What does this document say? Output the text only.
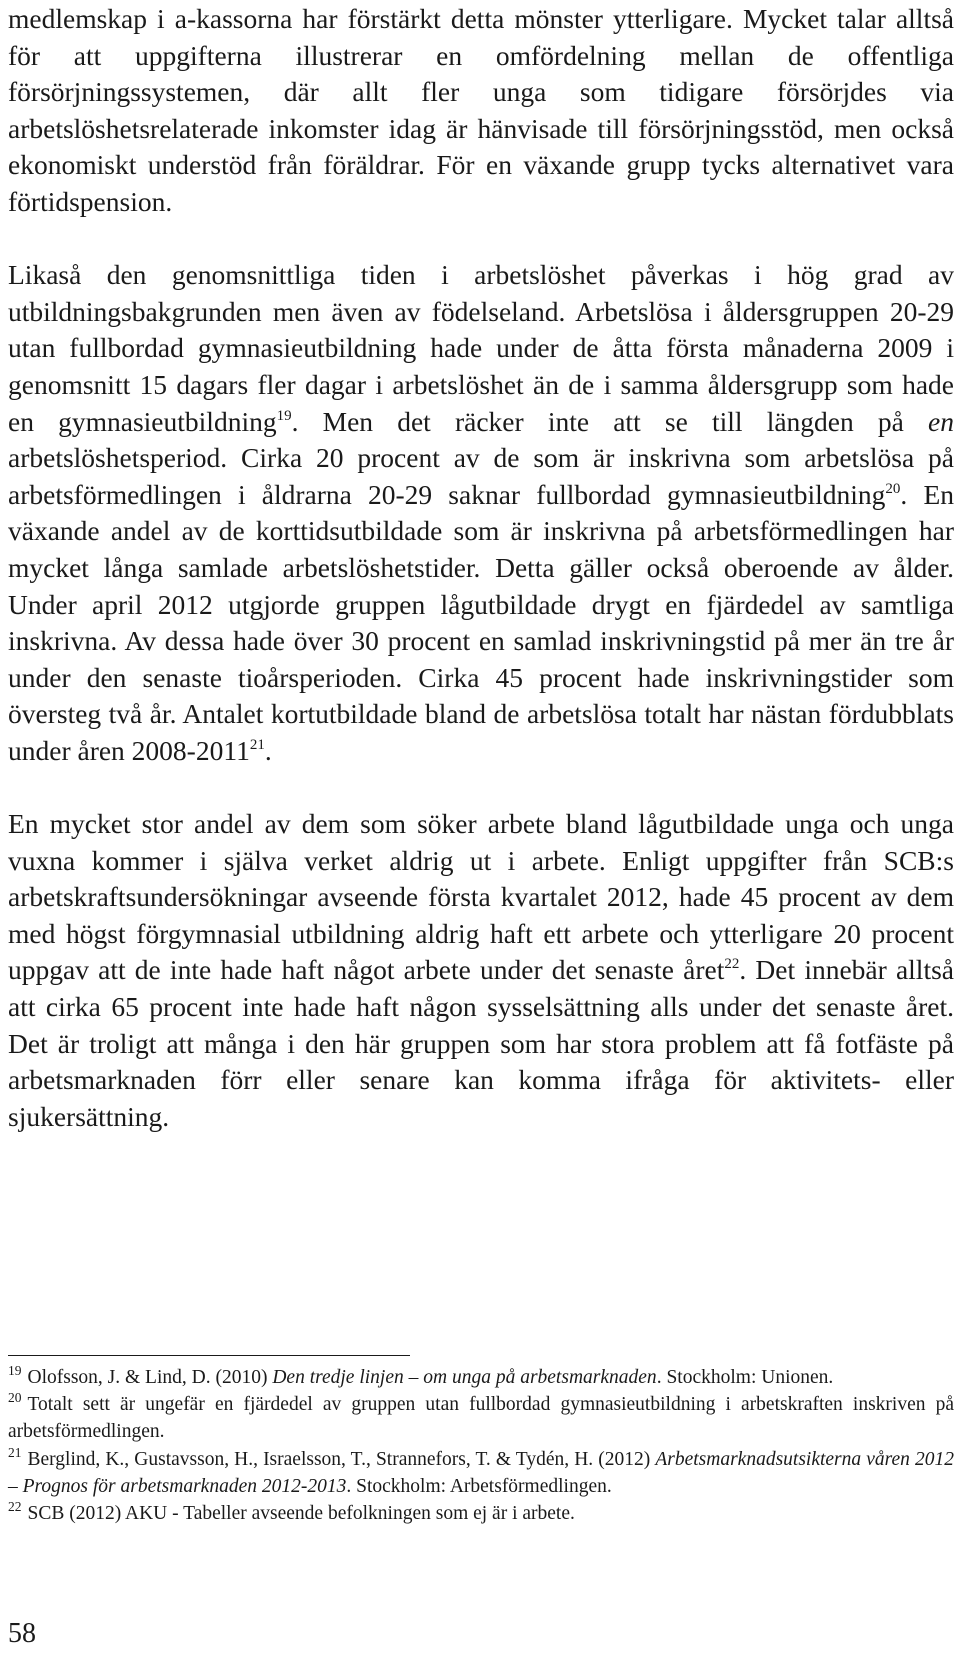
medlemskap i a-kassorna har förstärkt detta mönster ytterligare. Mycket talar alltså för att uppgifterna illustrerar en omfördelning mellan de offentliga försörjningssystemen, där allt fler unga som tidigare försörjdes via arbetslöshetsrelaterade inkomster idag är hänvisade till försörjningsstöd, men också ekonomiskt understöd från föräldrar. För en växande grupp tycks alternativet vara förtidspension.

Likaså den genomsnittliga tiden i arbetslöshet påverkas i hög grad av utbildningsbakgrunden men även av födelseland. Arbetslösa i åldersgruppen 20-29 utan fullbordad gymnasieutbildning hade under de åtta första månaderna 2009 i genomsnitt 15 dagars fler dagar i arbetslöshet än de i samma åldersgrupp som hade en gymnasieutbildning$^{19}$. Men det räcker inte att se till längden på en arbetslöshetsperiod. Cirka 20 procent av de som är inskrivna som arbetslösa på arbetsförmedlingen i åldrarna 20-29 saknar fullbordad gymnasieutbildning$^{20}$. En växande andel av de korttidsutbildade som är inskrivna på arbetsförmedlingen har mycket långa samlade arbetslöshetstider. Detta gäller också oberoende av ålder. Under april 2012 utgjorde gruppen lågutbildade drygt en fjärdedel av samtliga inskrivna. Av dessa hade över 30 procent en samlad inskrivningstid på mer än tre år under den senaste tioårsperioden. Cirka 45 procent hade inskrivningstider som översteg två år. Antalet kortutbildade bland de arbetslösa totalt har nästan fördubblats under åren 2008-2011$^{21}$.

En mycket stor andel av dem som söker arbete bland lågutbildade unga och unga vuxna kommer i själva verket aldrig ut i arbete. Enligt uppgifter från SCB:s arbetskraftsundersökningar avseende första kvartalet 2012, hade 45 procent av dem med högst förgymnasial utbildning aldrig haft ett arbete och ytterligare 20 procent uppgav att de inte hade haft något arbete under det senaste året$^{22}$. Det innebär alltså att cirka 65 procent inte hade haft någon sysselsättning alls under det senaste året. Det är troligt att många i den här gruppen som har stora problem att få fotfäste på arbetsmarknaden förr eller senare kan komma ifråga för aktivitets- eller sjukersättning.

$^{19}$ Olofsson, J. & Lind, D. (2010) Den tredje linjen – om unga på arbetsmarknaden. Stockholm: Unionen.

$^{20}$ Totalt sett är ungefär en fjärdedel av gruppen utan fullbordad gymnasieutbildning i arbetskraften inskriven på arbetsförmedlingen.

$^{21}$ Berglind, K., Gustavsson, H., Israelsson, T., Strannefors, T. & Tydén, H. (2012) Arbetsmarknadsutsikterna våren 2012 – Prognos för arbetsmarknaden 2012-2013. Stockholm: Arbetsförmedlingen.

$^{22}$ SCB (2012) AKU - Tabeller avseende befolkningen som ej är i arbete.

58
